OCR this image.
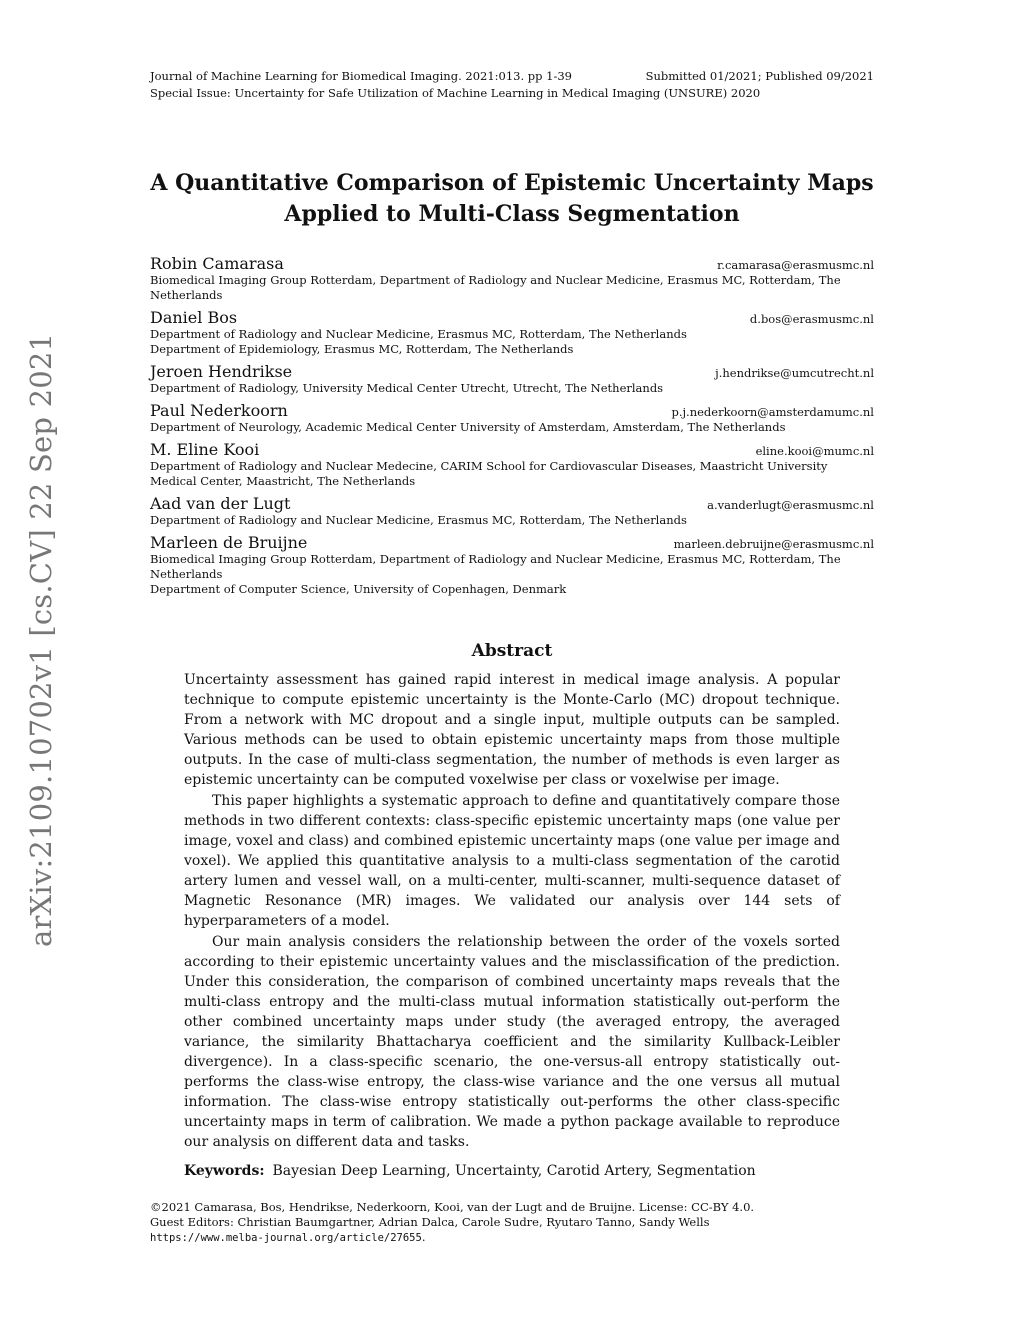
Journal of Machine Learning for Biomedical Imaging. 2021:013. pp 1-39	Submitted 01/2021; Published 09/2021
Special Issue: Uncertainty for Safe Utilization of Machine Learning in Medical Imaging (UNSURE) 2020
A Quantitative Comparison of Epistemic Uncertainty Maps
Applied to Multi-Class Segmentation
arXiv:2109.10702v1 [cs.CV] 22 Sep 2021
Robin Camarasa	r.camarasa@erasmusmc.nl
Biomedical Imaging Group Rotterdam, Department of Radiology and Nuclear Medicine, Erasmus MC, Rotterdam, The Netherlands
Daniel Bos	d.bos@erasmusmc.nl
Department of Radiology and Nuclear Medicine, Erasmus MC, Rotterdam, The Netherlands
Department of Epidemiology, Erasmus MC, Rotterdam, The Netherlands
Jeroen Hendrikse	j.hendrikse@umcutrecht.nl
Department of Radiology, University Medical Center Utrecht, Utrecht, The Netherlands
Paul Nederkoorn	p.j.nederkoorn@amsterdamumc.nl
Department of Neurology, Academic Medical Center University of Amsterdam, Amsterdam, The Netherlands
M. Eline Kooi	eline.kooi@mumc.nl
Department of Radiology and Nuclear Medecine, CARIM School for Cardiovascular Diseases, Maastricht University Medical Center, Maastricht, The Netherlands
Aad van der Lugt	a.vanderlugt@erasmusmc.nl
Department of Radiology and Nuclear Medicine, Erasmus MC, Rotterdam, The Netherlands
Marleen de Bruijne	marleen.debruijne@erasmusmc.nl
Biomedical Imaging Group Rotterdam, Department of Radiology and Nuclear Medicine, Erasmus MC, Rotterdam, The Netherlands
Department of Computer Science, University of Copenhagen, Denmark
Abstract

Uncertainty assessment has gained rapid interest in medical image analysis. A popular technique to compute epistemic uncertainty is the Monte-Carlo (MC) dropout technique. From a network with MC dropout and a single input, multiple outputs can be sampled. Various methods can be used to obtain epistemic uncertainty maps from those multiple outputs. In the case of multi-class segmentation, the number of methods is even larger as epistemic uncertainty can be computed voxelwise per class or voxelwise per image.

This paper highlights a systematic approach to define and quantitatively compare those methods in two different contexts: class-specific epistemic uncertainty maps (one value per image, voxel and class) and combined epistemic uncertainty maps (one value per image and voxel). We applied this quantitative analysis to a multi-class segmentation of the carotid artery lumen and vessel wall, on a multi-center, multi-scanner, multi-sequence dataset of Magnetic Resonance (MR) images. We validated our analysis over 144 sets of hyperparameters of a model.

Our main analysis considers the relationship between the order of the voxels sorted according to their epistemic uncertainty values and the misclassification of the prediction. Under this consideration, the comparison of combined uncertainty maps reveals that the multi-class entropy and the multi-class mutual information statistically out-perform the other combined uncertainty maps under study (the averaged entropy, the averaged variance, the similarity Bhattacharya coefficient and the similarity Kullback-Leibler divergence). In a class-specific scenario, the one-versus-all entropy statistically out-performs the class-wise entropy, the class-wise variance and the one versus all mutual information. The class-wise entropy statistically out-performs the other class-specific uncertainty maps in term of calibration. We made a python package available to reproduce our analysis on different data and tasks.

Keywords: Bayesian Deep Learning, Uncertainty, Carotid Artery, Segmentation
©2021 Camarasa, Bos, Hendrikse, Nederkoorn, Kooi, van der Lugt and de Bruijne. License: CC-BY 4.0.
Guest Editors: Christian Baumgartner, Adrian Dalca, Carole Sudre, Ryutaro Tanno, Sandy Wells
https://www.melba-journal.org/article/27655.
